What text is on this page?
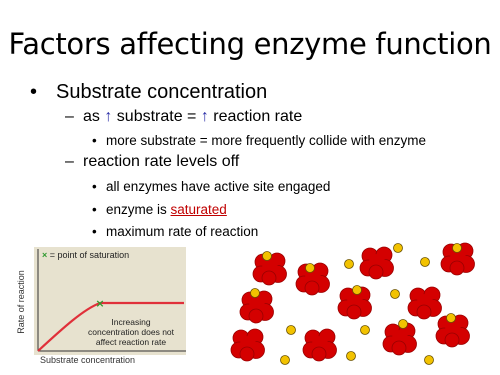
Factors affecting enzyme function
• Substrate concentration
– as ↑ substrate = ↑ reaction rate
• more substrate = more frequently collide with enzyme
– reaction rate levels off
• all enzymes have active site engaged
• enzyme is saturated
• maximum rate of reaction
×
× = point of saturation
Rate of reaction
Substrate concentration
Increasing concentration does not affect reaction rate
